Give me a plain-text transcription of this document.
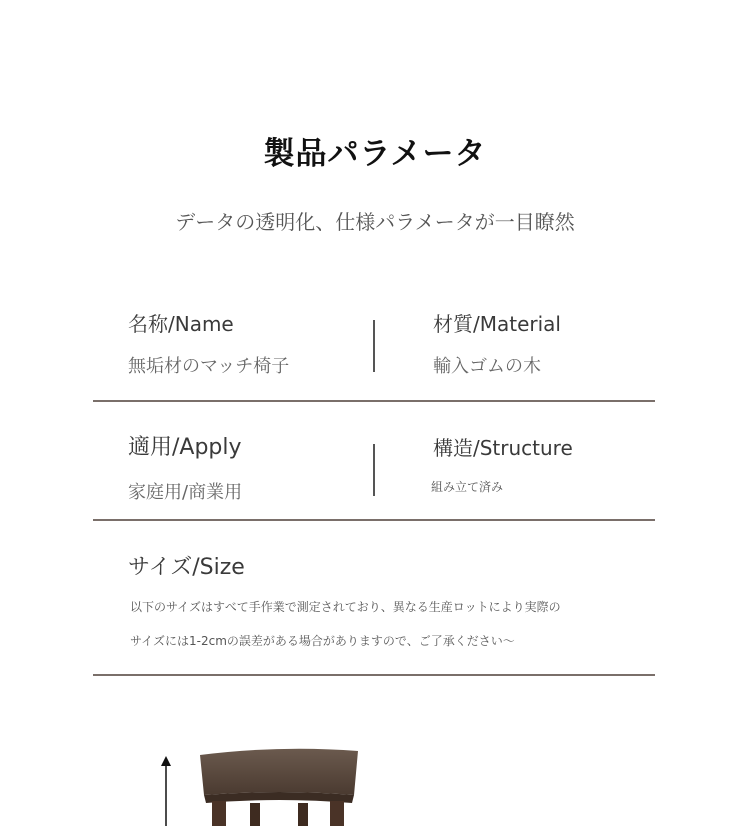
製品パラメータ
データの透明化、仕様パラメータが一目瞭然
名称/Name
無垢材のマッチ椅子
材質/Material
輸入ゴムの木
適用/Apply
家庭用/商業用
構造/Structure
組み立て済み
サイズ/Size
以下のサイズはすべて手作業で測定されており、異なる生産ロットにより実際の
サイズには1-2cmの誤差がある場合がありますので、ご了承ください～
